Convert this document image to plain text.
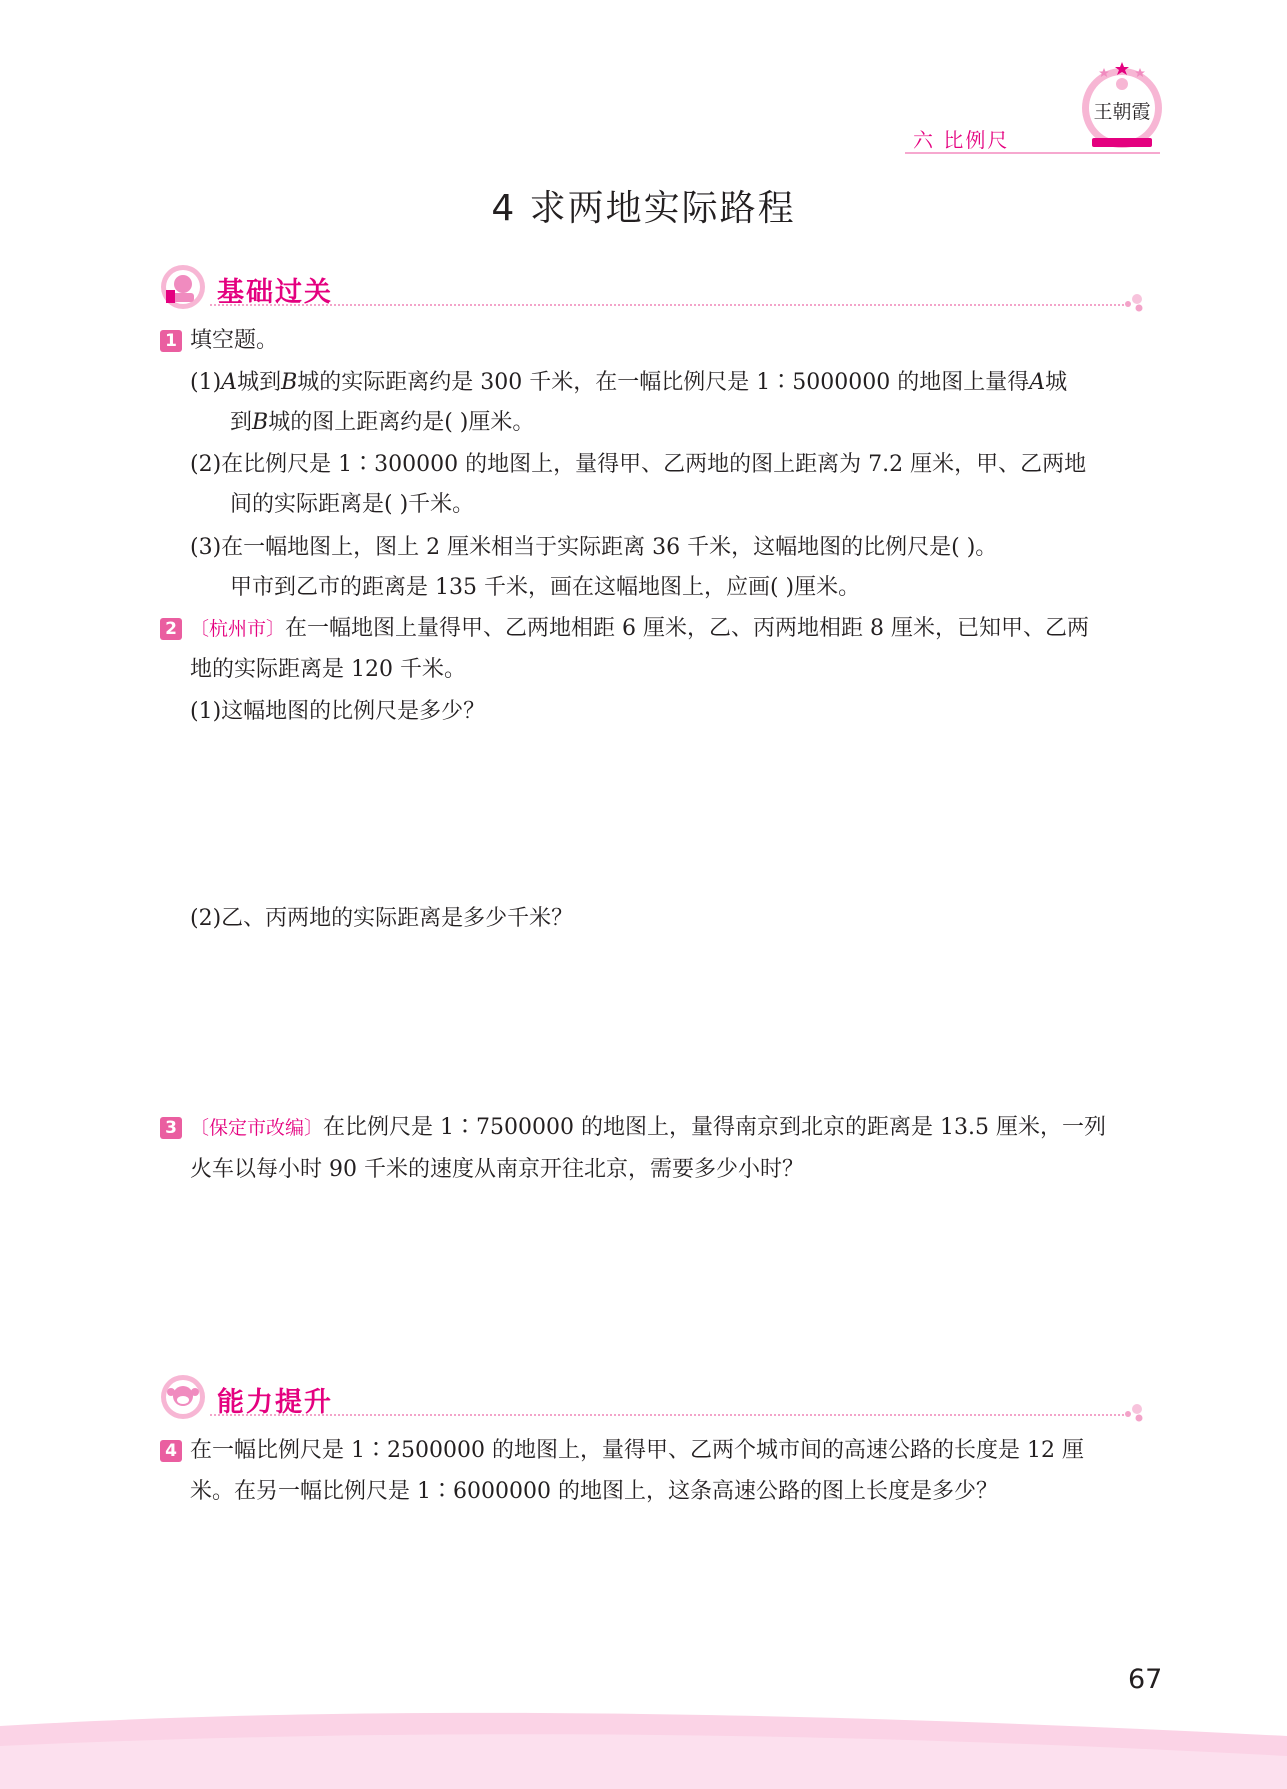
六 比例尺
王朝霞
4 求两地实际路程
基础过关
1 填空题。
(1)A城到B城的实际距离约是 300 千米，在一幅比例尺是 1∶5000000 的地图上量得A城
到B城的图上距离约是( )厘米。
(2)在比例尺是 1∶300000 的地图上，量得甲、乙两地的图上距离为 7.2 厘米，甲、乙两地
间的实际距离是( )千米。
(3)在一幅地图上，图上 2 厘米相当于实际距离 36 千米，这幅地图的比例尺是( )。
甲市到乙市的距离是 135 千米，画在这幅地图上，应画( )厘米。
2 〔杭州市〕在一幅地图上量得甲、乙两地相距 6 厘米，乙、丙两地相距 8 厘米，已知甲、乙两
地的实际距离是 120 千米。
(1)这幅地图的比例尺是多少？
(2)乙、丙两地的实际距离是多少千米？
3 〔保定市改编〕在比例尺是 1∶7500000 的地图上，量得南京到北京的距离是 13.5 厘米，一列
火车以每小时 90 千米的速度从南京开往北京，需要多少小时？
能力提升
4 在一幅比例尺是 1∶2500000 的地图上，量得甲、乙两个城市间的高速公路的长度是 12 厘
米。在另一幅比例尺是 1∶6000000 的地图上，这条高速公路的图上长度是多少？
67
